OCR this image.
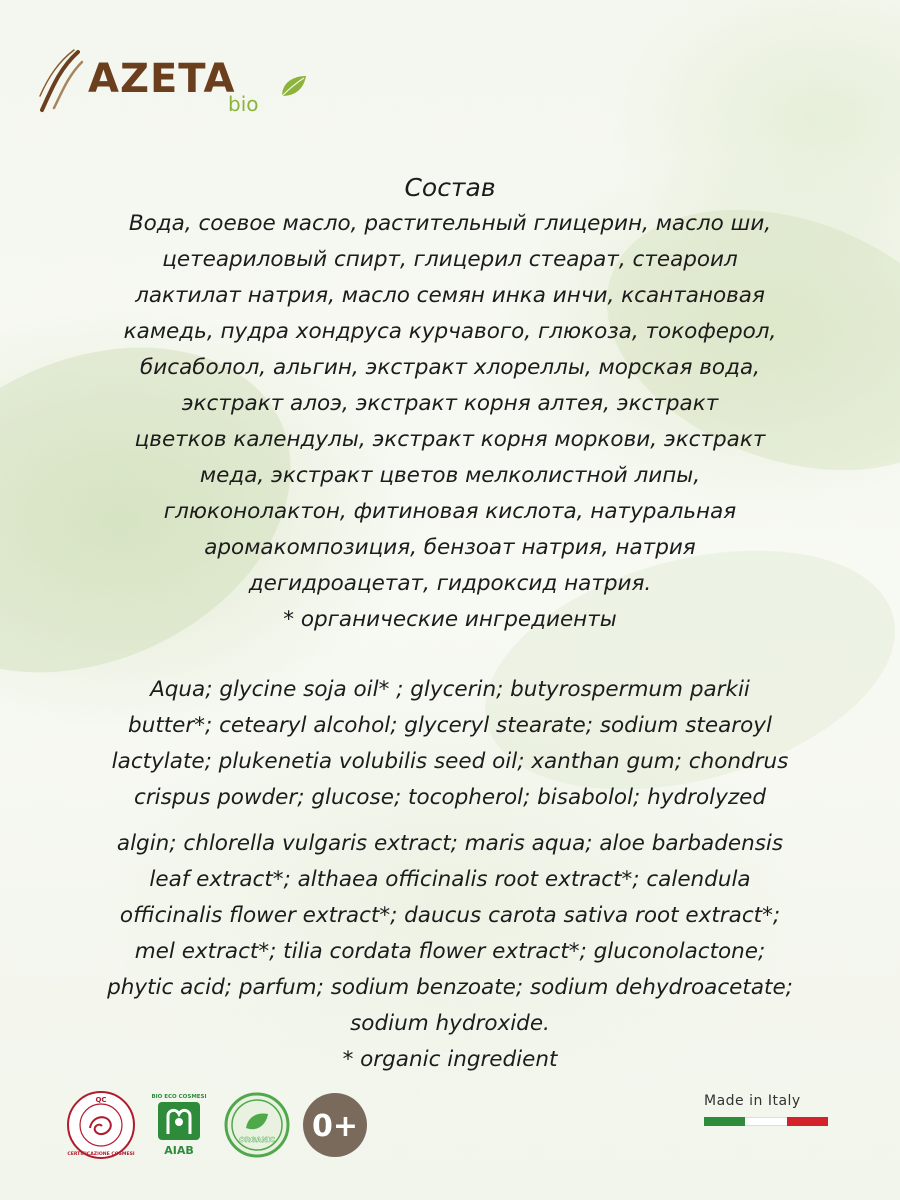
AZETA
bio
Состав

Вода, соевое масло, растительный глицерин, масло ши,

цетеариловый спирт, глицерил стеарат, стеароил

лактилат натрия, масло семян инка инчи, ксантановая

камедь, пудра хондруса курчавого, глюкоза, токоферол,

бисаболол, альгин, экстракт хлореллы, морская вода,

экстракт алоэ, экстракт корня алтея, экстракт

цветков календулы, экстракт корня моркови, экстракт

меда, экстракт цветов мелколистной липы,

глюконолактон, фитиновая кислота, натуральная

аромакомпозиция, бензоат натрия, натрия

дегидроацетат, гидроксид натрия.

* органические ингредиенты

Aqua; glycine soja oil* ; glycerin; butyrospermum parkii

butter*; cetearyl alcohol; glyceryl stearate; sodium stearoyl

lactylate; plukenetia volubilis seed oil; xanthan gum; chondrus

crispus powder; glucose; tocopherol; bisabolol; hydrolyzed

algin; chlorella vulgaris extract; maris aqua; aloe barbadensis

leaf extract*; althaea officinalis root extract*; calendula

officinalis flower extract*; daucus carota sativa root extract*;

mel extract*; tilia cordata flower extract*; gluconolactone;

phytic acid; parfum; sodium benzoate; sodium dehydroacetate;

sodium hydroxide.

* organic ingredient

QC
CERTIFICAZIONE COSMESI
BIO ECO COSMESI
AIAB
ORGANIC 0+
Made in Italy
